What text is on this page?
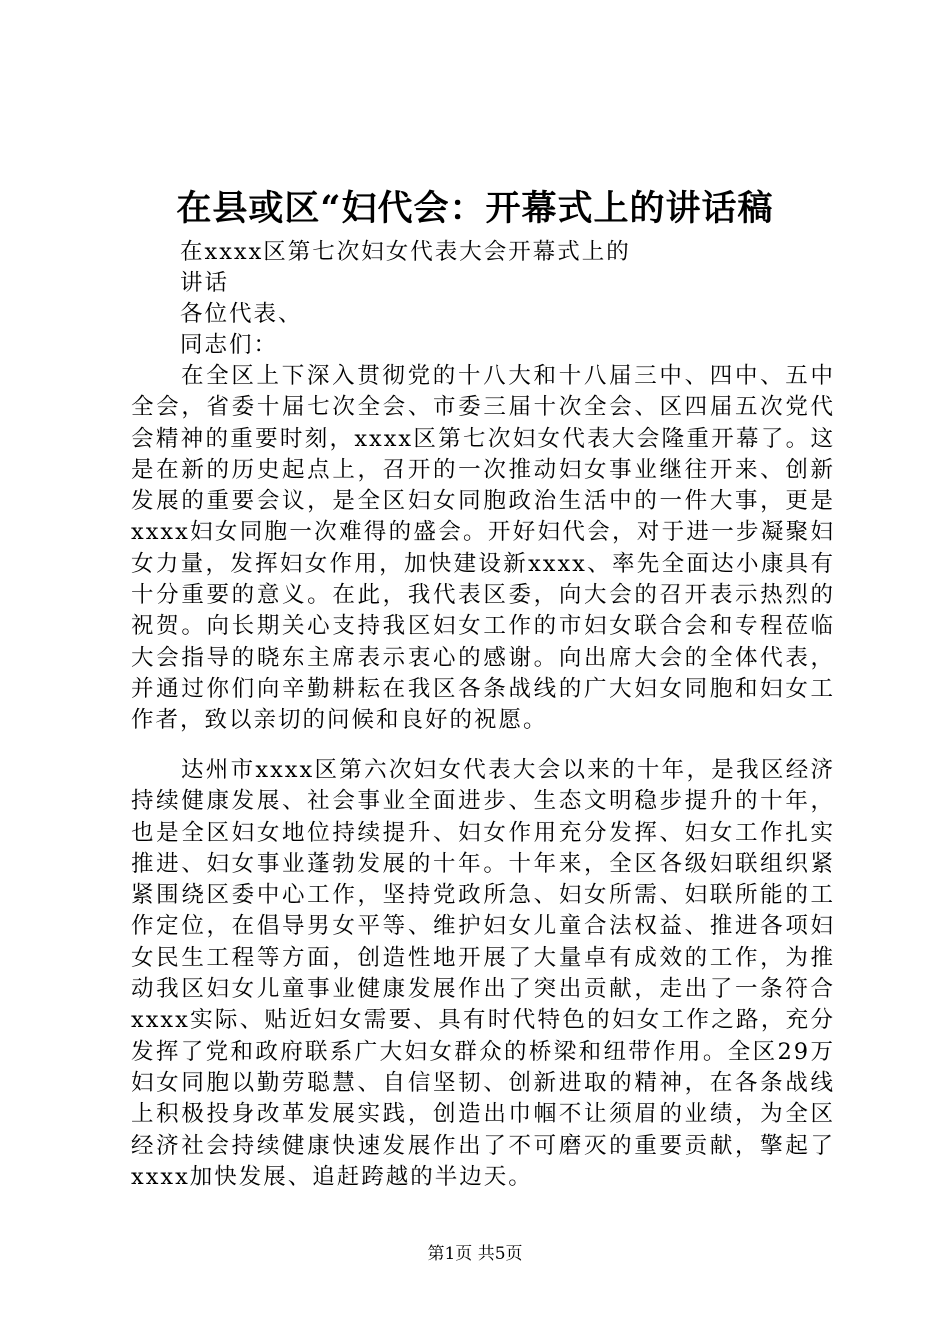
在县或区“妇代会：开幕式上的讲话稿
在xxxx区第七次妇女代表大会开幕式上的
讲话
各位代表、
同志们：

在全区上下深入贯彻党的十八大和十八届三中、四中、五中全会，省委十届七次全会、市委三届十次全会、区四届五次党代会精神的重要时刻，xxxx区第七次妇女代表大会隆重开幕了。这是在新的历史起点上，召开的一次推动妇女事业继往开来、创新发展的重要会议，是全区妇女同胞政治生活中的一件大事，更是xxxx妇女同胞一次难得的盛会。开好妇代会，对于进一步凝聚妇女力量，发挥妇女作用，加快建设新xxxx、率先全面达小康具有十分重要的意义。在此，我代表区委，向大会的召开表示热烈的祝贺。向长期关心支持我区妇女工作的市妇女联合会和专程莅临大会指导的晓东主席表示衷心的感谢。向出席大会的全体代表，并通过你们向辛勤耕耘在我区各条战线的广大妇女同胞和妇女工作者，致以亲切的问候和良好的祝愿。

达州市xxxx区第六次妇女代表大会以来的十年，是我区经济持续健康发展、社会事业全面进步、生态文明稳步提升的十年，也是全区妇女地位持续提升、妇女作用充分发挥、妇女工作扎实推进、妇女事业蓬勃发展的十年。十年来，全区各级妇联组织紧紧围绕区委中心工作，坚持党政所急、妇女所需、妇联所能的工作定位，在倡导男女平等、维护妇女儿童合法权益、推进各项妇女民生工程等方面，创造性地开展了大量卓有成效的工作，为推动我区妇女儿童事业健康发展作出了突出贡献，走出了一条符合xxxx实际、贴近妇女需要、具有时代特色的妇女工作之路，充分发挥了党和政府联系广大妇女群众的桥梁和纽带作用。全区29万妇女同胞以勤劳聪慧、自信坚韧、创新进取的精神，在各条战线上积极投身改革发展实践，创造出巾帼不让须眉的业绩，为全区经济社会持续健康快速发展作出了不可磨灭的重要贡献，擎起了xxxx加快发展、追赶跨越的半边天。

第1页 共5页
